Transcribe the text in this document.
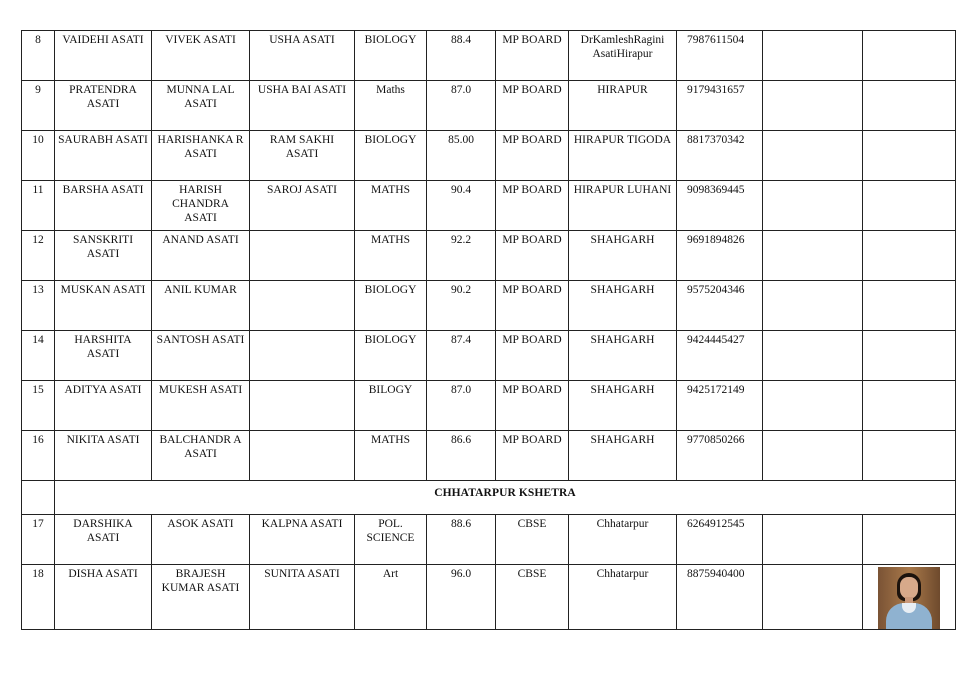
8	VAIDEHI ASATI	VIVEK ASATI	USHA ASATI	BIOLOGY	88.4	MP BOARD	DrKamleshRagini AsatiHirapur	7987611504		
9	PRATENDRA ASATI	MUNNA LAL ASATI	USHA BAI ASATI	Maths	87.0	MP BOARD	HIRAPUR	9179431657		
10	SAURABH ASATI	HARISHANKA R ASATI	RAM SAKHI ASATI	BIOLOGY	85.00	MP BOARD	HIRAPUR TIGODA	8817370342		
11	BARSHA ASATI	HARISH CHANDRA ASATI	SAROJ ASATI	MATHS	90.4	MP BOARD	HIRAPUR LUHANI	9098369445		
12	SANSKRITI ASATI	ANAND ASATI		MATHS	92.2	MP BOARD	SHAHGARH	9691894826		
13	MUSKAN ASATI	ANIL KUMAR		BIOLOGY	90.2	MP BOARD	SHAHGARH	9575204346		
14	HARSHITA ASATI	SANTOSH ASATI		BIOLOGY	87.4	MP BOARD	SHAHGARH	9424445427		
15	ADITYA ASATI	MUKESH ASATI		BILOGY	87.0	MP BOARD	SHAHGARH	9425172149		
16	NIKITA ASATI	BALCHANDR A ASATI		MATHS	86.6	MP BOARD	SHAHGARH	9770850266		
	CHHATARPUR KSHETRA									
17	DARSHIKA ASATI	ASOK ASATI	KALPNA ASATI	POL. SCIENCE	88.6	CBSE	Chhatarpur	6264912545		
18	DISHA ASATI	BRAJESH KUMAR ASATI	SUNITA ASATI	Art	96.0	CBSE	Chhatarpur	8875940400		
